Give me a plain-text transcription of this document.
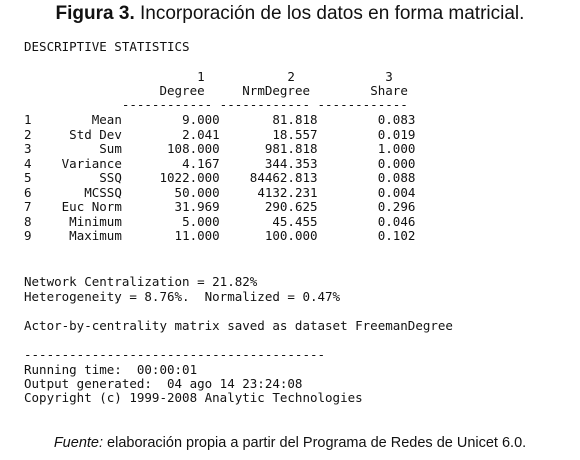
Figura 3. Incorporación de los datos en forma matricial.
DESCRIPTIVE STATISTICS
1	2	3
Degree	NrmDegree	Share
------------ ------------ ------------
1        Mean        9.000       81.818        0.083
2     Std Dev        2.041       18.557        0.019
3         Sum      108.000      981.818        1.000
4    Variance        4.167      344.353        0.000
5         SSQ     1022.000    84462.813        0.088
6       MCSSQ       50.000     4132.231        0.004
7    Euc Norm       31.969      290.625        0.296
8     Minimum        5.000       45.455        0.046
9     Maximum       11.000      100.000        0.102
Network Centralization = 21.82%
Heterogeneity = 8.76%.  Normalized = 0.47%
Actor-by-centrality matrix saved as dataset FreemanDegree
----------------------------------------
Running time:  00:00:01
Output generated:  04 ago 14 23:24:08
Copyright (c) 1999-2008 Analytic Technologies
Fuente: elaboración propia a partir del Programa de Redes de Unicet 6.0.
